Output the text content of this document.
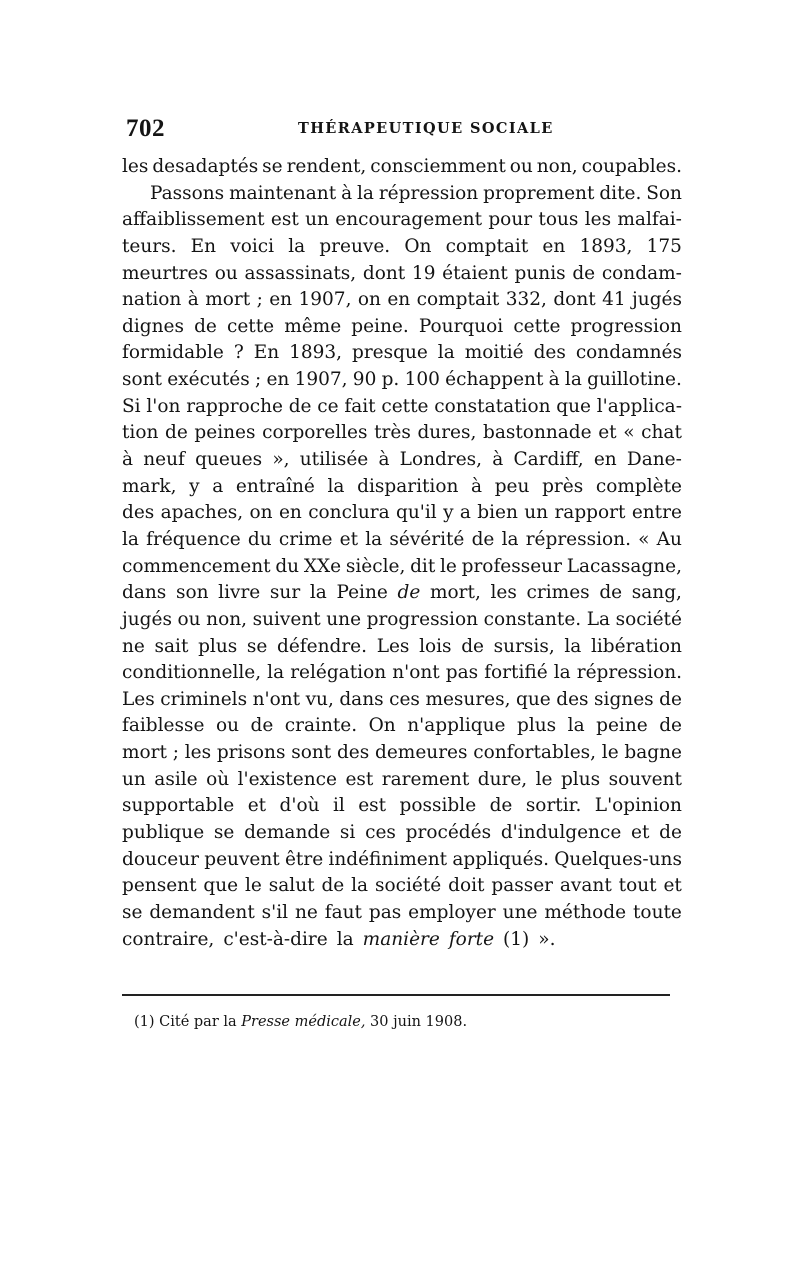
702	THÉRAPEUTIQUE SOCIALE
les desadaptés se rendent, consciemment ou non, coupables.
Passons maintenant à la répression proprement dite. Son
affaiblissement est un encouragement pour tous les malfai-
teurs. En voici la preuve. On comptait en 1893, 175
meurtres ou assassinats, dont 19 étaient punis de condam-
nation à mort ; en 1907, on en comptait 332, dont 41 jugés
dignes de cette même peine. Pourquoi cette progression
formidable ? En 1893, presque la moitié des condamnés
sont exécutés ; en 1907, 90 p. 100 échappent à la guillotine.
Si l'on rapproche de ce fait cette constatation que l'applica-
tion de peines corporelles très dures, bastonnade et « chat
à neuf queues », utilisée à Londres, à Cardiff, en Dane-
mark, y a entraîné la disparition à peu près complète
des apaches, on en conclura qu'il y a bien un rapport entre
la fréquence du crime et la sévérité de la répression. « Au
commencement du XXe siècle, dit le professeur Lacassagne,
dans son livre sur la Peine de mort, les crimes de sang,
jugés ou non, suivent une progression constante. La société
ne sait plus se défendre. Les lois de sursis, la libération
conditionnelle, la relégation n'ont pas fortifié la répression.
Les criminels n'ont vu, dans ces mesures, que des signes de
faiblesse ou de crainte. On n'applique plus la peine de
mort ; les prisons sont des demeures confortables, le bagne
un asile où l'existence est rarement dure, le plus souvent
supportable et d'où il est possible de sortir. L'opinion
publique se demande si ces procédés d'indulgence et de
douceur peuvent être indéfiniment appliqués. Quelques-uns
pensent que le salut de la société doit passer avant tout et
se demandent s'il ne faut pas employer une méthode toute
contraire, c'est-à-dire la manière forte (1) ».
(1) Cité par la Presse médicale, 30 juin 1908.
